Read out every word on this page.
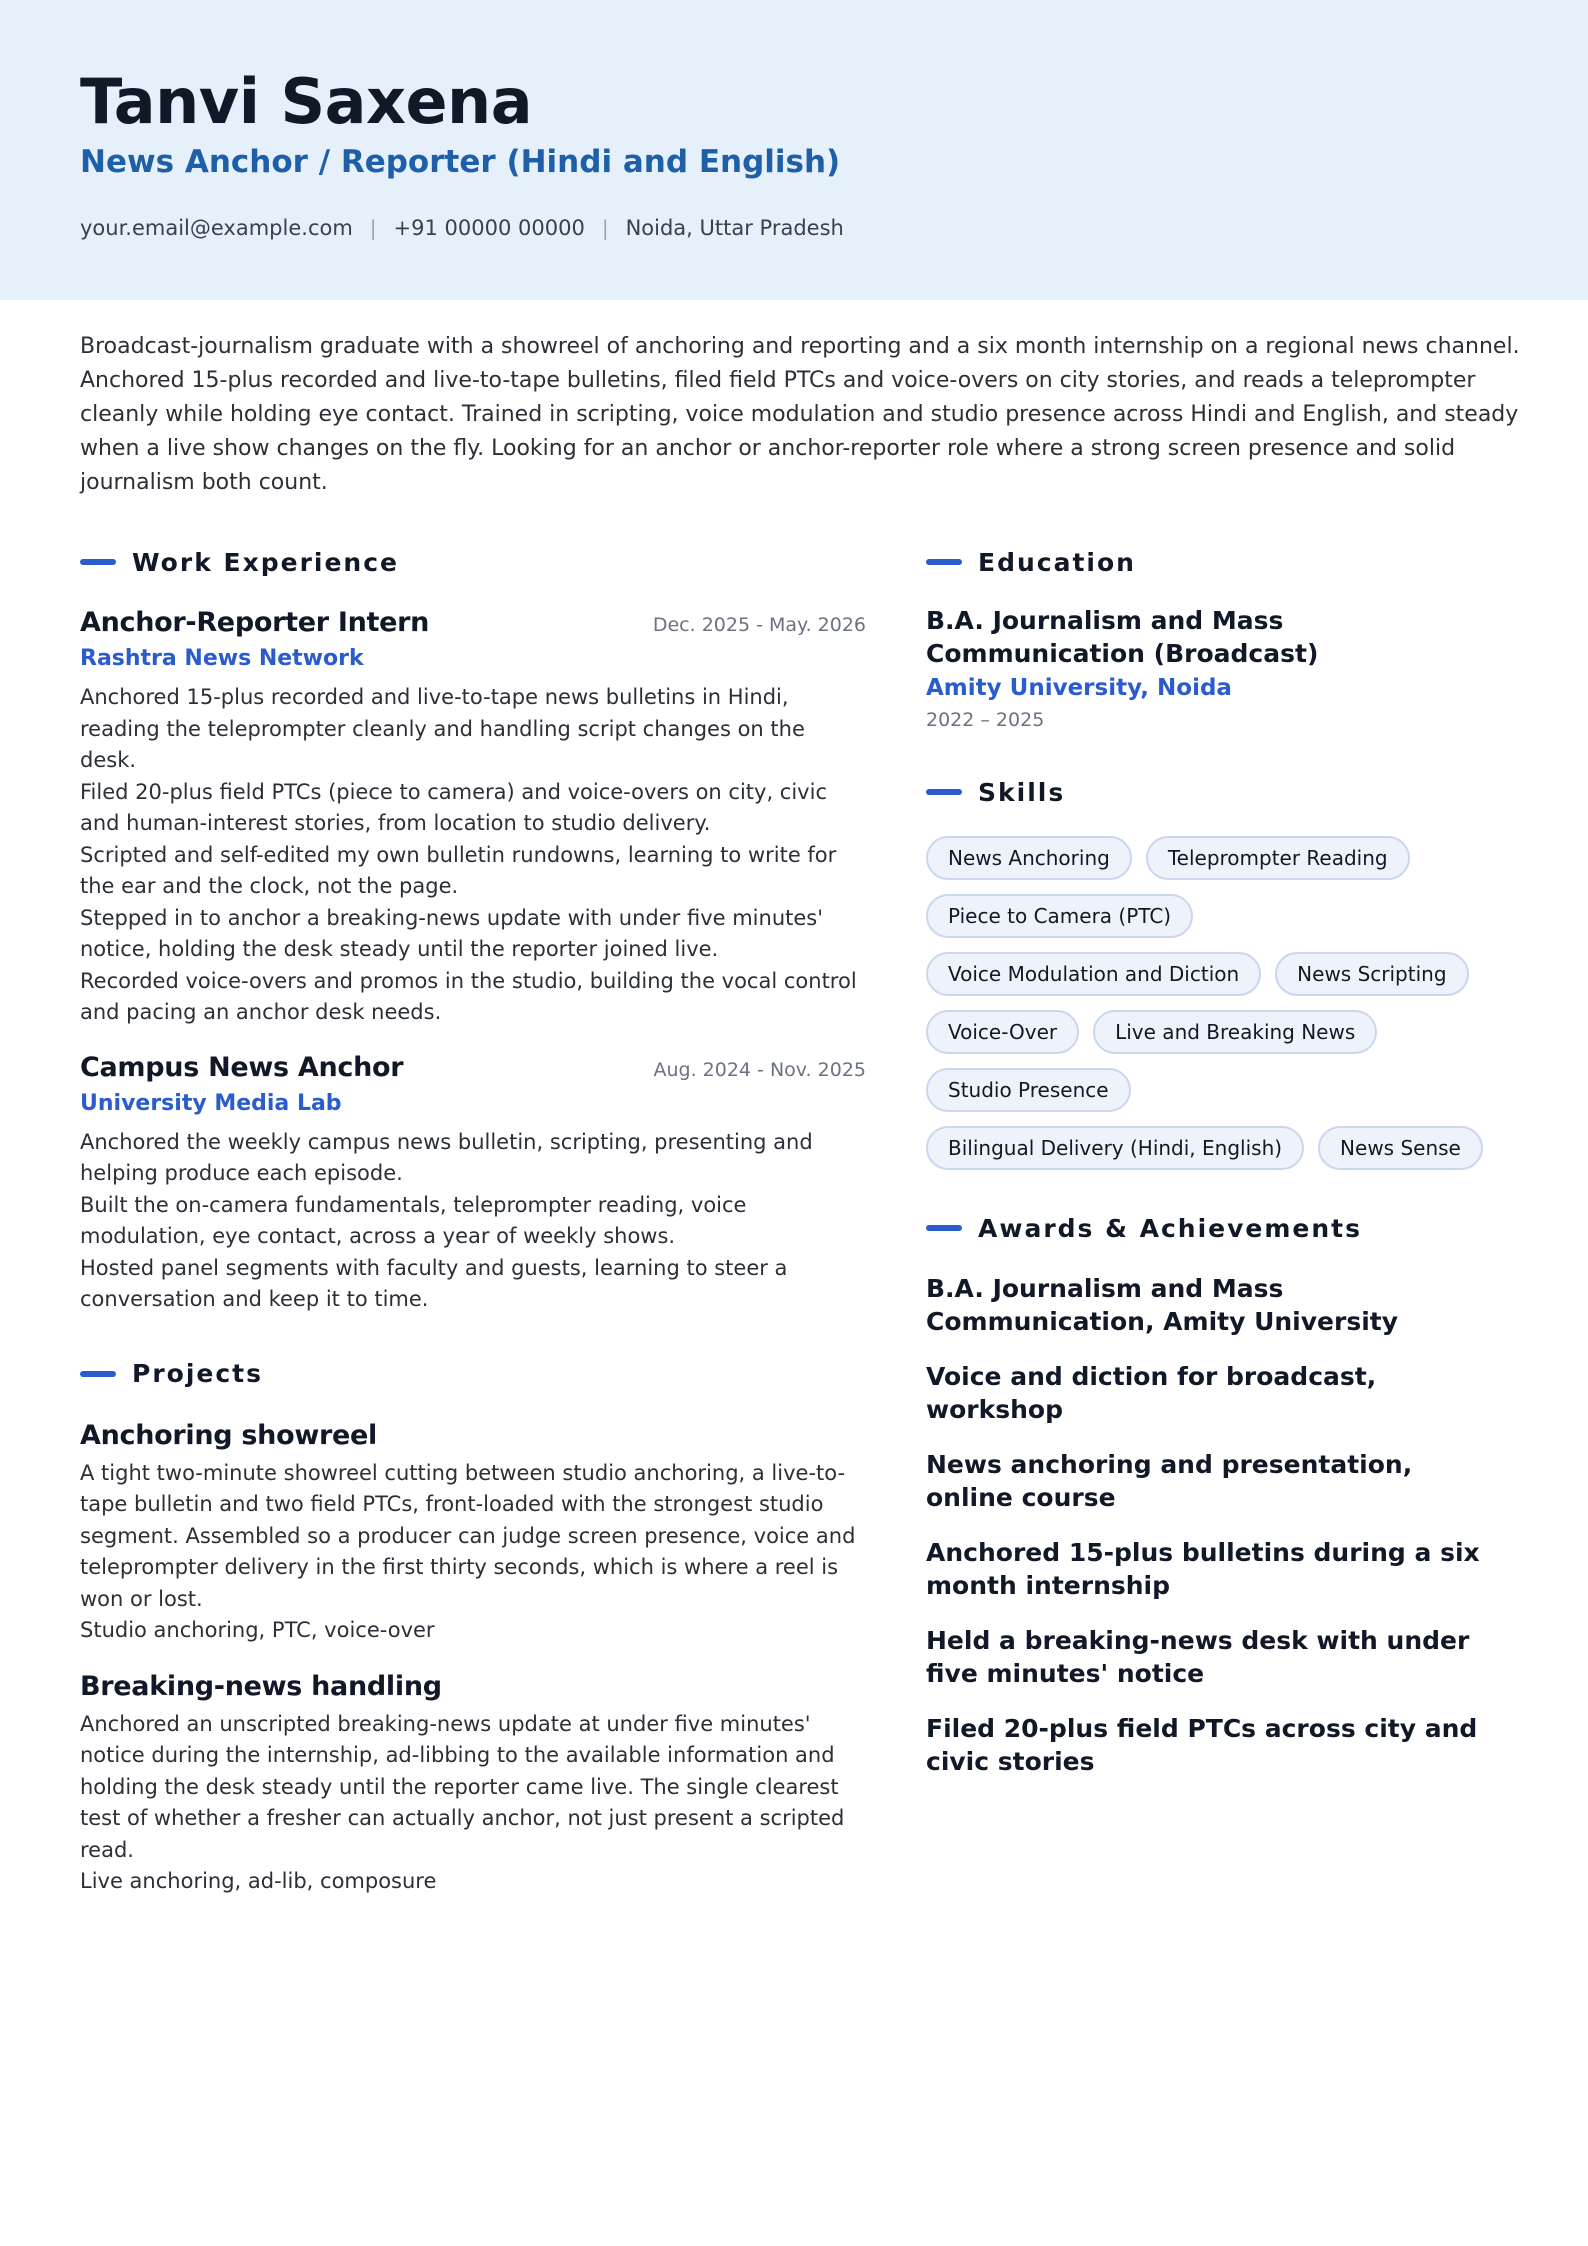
Tanvi Saxena
News Anchor / Reporter (Hindi and English)
your.email@example.com | +91 00000 00000 | Noida, Uttar Pradesh
Broadcast-journalism graduate with a showreel of anchoring and reporting and a six month internship on a regional news channel. Anchored 15-plus recorded and live-to-tape bulletins, filed field PTCs and voice-overs on city stories, and reads a teleprompter cleanly while holding eye contact. Trained in scripting, voice modulation and studio presence across Hindi and English, and steady when a live show changes on the fly. Looking for an anchor or anchor-reporter role where a strong screen presence and solid journalism both count.
Work Experience
Anchor-Reporter Intern	Dec. 2025 - May. 2026
Rashtra News Network
Anchored 15-plus recorded and live-to-tape news bulletins in Hindi, reading the teleprompter cleanly and handling script changes on the desk.
Filed 20-plus field PTCs (piece to camera) and voice-overs on city, civic and human-interest stories, from location to studio delivery.
Scripted and self-edited my own bulletin rundowns, learning to write for the ear and the clock, not the page.
Stepped in to anchor a breaking-news update with under five minutes' notice, holding the desk steady until the reporter joined live.
Recorded voice-overs and promos in the studio, building the vocal control and pacing an anchor desk needs.
Campus News Anchor	Aug. 2024 - Nov. 2025
University Media Lab
Anchored the weekly campus news bulletin, scripting, presenting and helping produce each episode.
Built the on-camera fundamentals, teleprompter reading, voice modulation, eye contact, across a year of weekly shows.
Hosted panel segments with faculty and guests, learning to steer a conversation and keep it to time.
Projects
Anchoring showreel
A tight two-minute showreel cutting between studio anchoring, a live-to-tape bulletin and two field PTCs, front-loaded with the strongest studio segment. Assembled so a producer can judge screen presence, voice and teleprompter delivery in the first thirty seconds, which is where a reel is won or lost.
Studio anchoring, PTC, voice-over
Breaking-news handling
Anchored an unscripted breaking-news update at under five minutes' notice during the internship, ad-libbing to the available information and holding the desk steady until the reporter came live. The single clearest test of whether a fresher can actually anchor, not just present a scripted read.
Live anchoring, ad-lib, composure
Education
B.A. Journalism and Mass Communication (Broadcast)
Amity University, Noida
2022 – 2025
Skills
News Anchoring	Teleprompter Reading
Piece to Camera (PTC)
Voice Modulation and Diction	News Scripting
Voice-Over	Live and Breaking News
Studio Presence
Bilingual Delivery (Hindi, English)	News Sense
Awards & Achievements
B.A. Journalism and Mass Communication, Amity University
Voice and diction for broadcast, workshop
News anchoring and presentation, online course
Anchored 15-plus bulletins during a six month internship
Held a breaking-news desk with under five minutes' notice
Filed 20-plus field PTCs across city and civic stories
